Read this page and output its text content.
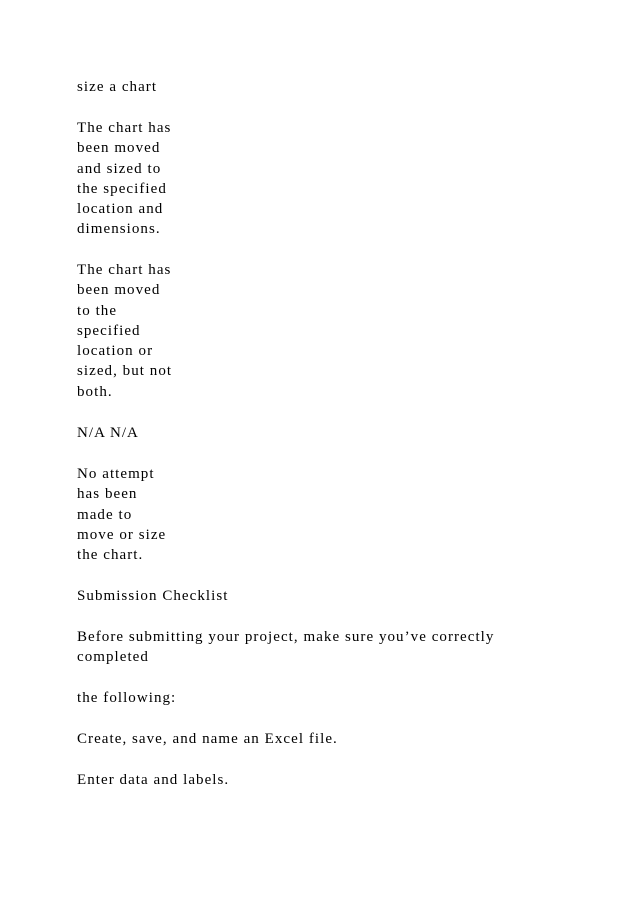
size a chart

The chart has
been moved
and sized to
the specified
location and
dimensions.

The chart has
been moved
to the
specified
location or
sized, but not
both.

N/A N/A

No attempt
has been
made to
move or size
the chart.

Submission Checklist

Before submitting your project, make sure you’ve correctly
completed

the following:

Create, save, and name an Excel file.

Enter data and labels.
